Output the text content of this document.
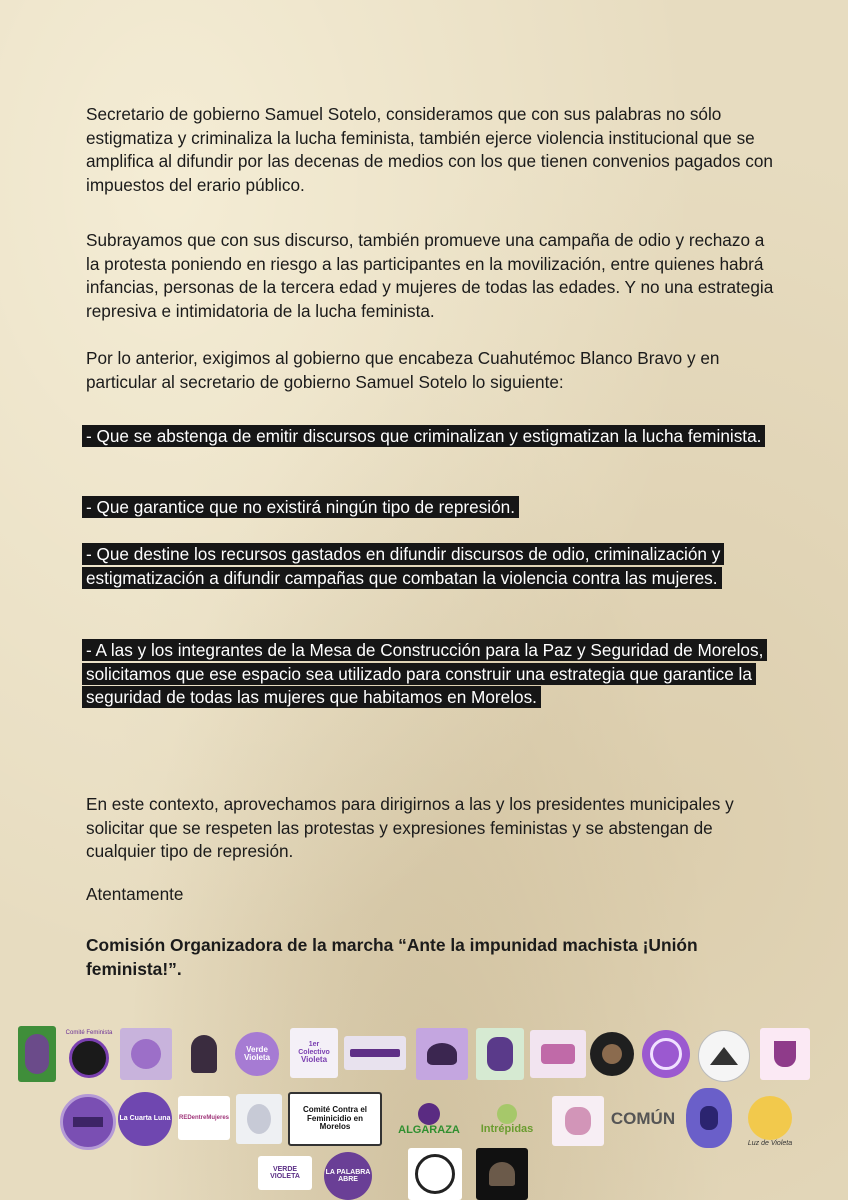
Secretario de gobierno Samuel Sotelo, consideramos que con sus palabras no sólo estigmatiza y criminaliza la lucha feminista, también ejerce violencia institucional que se amplifica al difundir por las decenas de medios con los que tienen convenios pagados con impuestos del erario público.

Subrayamos que con sus discurso, también promueve una campaña de odio y rechazo a la protesta poniendo en riesgo a las participantes en la movilización, entre quienes habrá infancias, personas de la tercera edad y mujeres de todas las edades. Y no una estrategia represiva e intimidatoria de la lucha feminista.

Por lo anterior, exigimos al gobierno que encabeza Cuahutémoc Blanco Bravo y en particular al secretario de gobierno Samuel Sotelo lo siguiente:

- Que se abstenga de emitir discursos que criminalizan y estigmatizan la lucha feminista.
- Que garantice que no existirá ningún tipo de represión.
- Que destine los recursos gastados en difundir discursos de odio, criminalización y estigmatización a difundir campañas que combatan la violencia contra las mujeres.
- A las y los integrantes de la Mesa de Construcción para la Paz y Seguridad de Morelos, solicitamos que ese espacio sea utilizado para construir una estrategia que garantice la seguridad de todas las mujeres que habitamos en Morelos.

En este contexto, aprovechamos para dirigirnos a las y los presidentes municipales y solicitar que se respeten las protestas y expresiones feministas y se abstengan de cualquier tipo de represión.

Atentamente
Comisión Organizadora de la marcha “Ante la impunidad machista ¡Unión feminista!”.
Comité Feminista
Verde Violeta
1er
Colectivo
Violeta
La Cuarta Luna REDentreMujeres
Comité Contra el Feminicidio en Morelos	ALGARAZA Intrépidas
COMÚN
Luz de Violeta
VERDE VIOLETA
LA PALABRA ABRE
